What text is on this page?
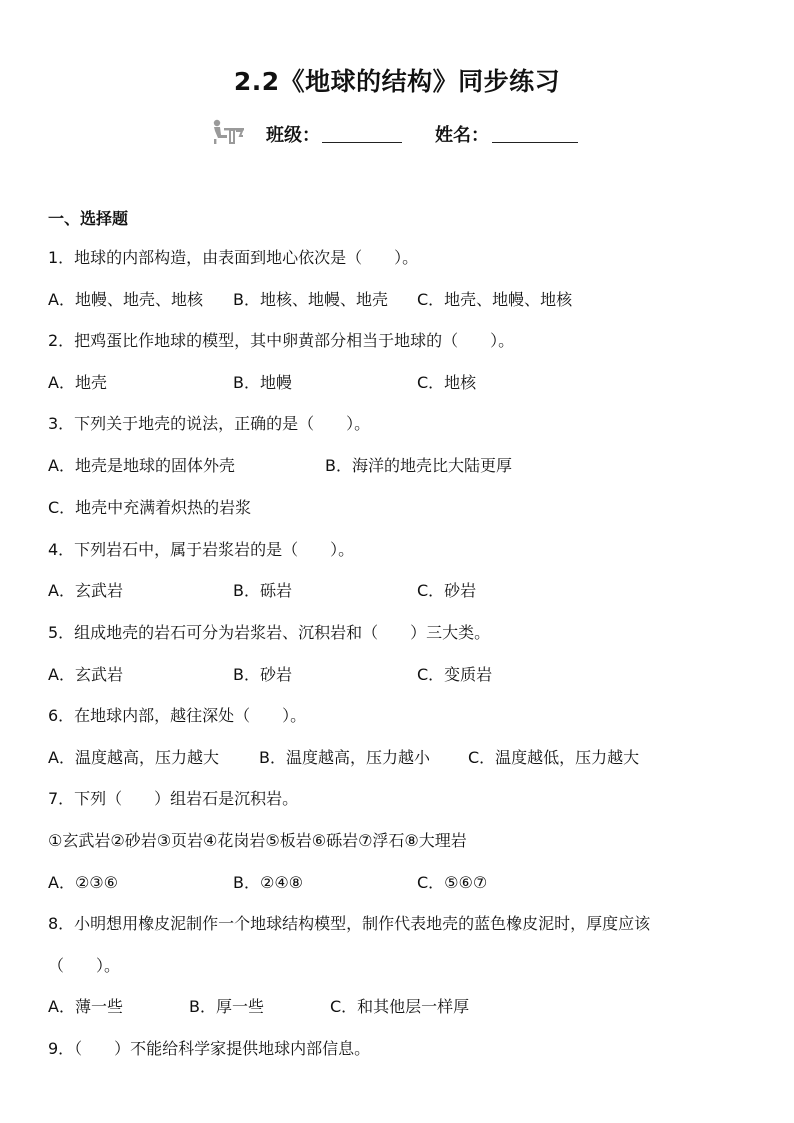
2.2《地球的结构》同步练习
班级：	姓名：
一、选择题
1．地球的内部构造，由表面到地心依次是（　　）。
A．地幔、地壳、地核 B．地核、地幔、地壳 C．地壳、地幔、地核
2．把鸡蛋比作地球的模型，其中卵黄部分相当于地球的（　　）。
A．地壳	B．地幔	C．地核
3．下列关于地壳的说法，正确的是（　　）。
A．地壳是地球的固体外壳	B．海洋的地壳比大陆更厚
C．地壳中充满着炽热的岩浆
4．下列岩石中，属于岩浆岩的是（　　）。
A．玄武岩	B．砾岩	C．砂岩
5．组成地壳的岩石可分为岩浆岩、沉积岩和（　　）三大类。
A．玄武岩	B．砂岩	C．变质岩
6．在地球内部，越往深处（　　）。
A．温度越高，压力越大	B．温度越高，压力越小 C．温度越低，压力越大
7．下列（　　）组岩石是沉积岩。
①玄武岩②砂岩③页岩④花岗岩⑤板岩⑥砾岩⑦浮石⑧大理岩
A．②③⑥	B．②④⑧	C．⑤⑥⑦
8．小明想用橡皮泥制作一个地球结构模型，制作代表地壳的蓝色橡皮泥时，厚度应该
（　　）。
A．薄一些	B．厚一些	C．和其他层一样厚
9．（　　）不能给科学家提供地球内部信息。
